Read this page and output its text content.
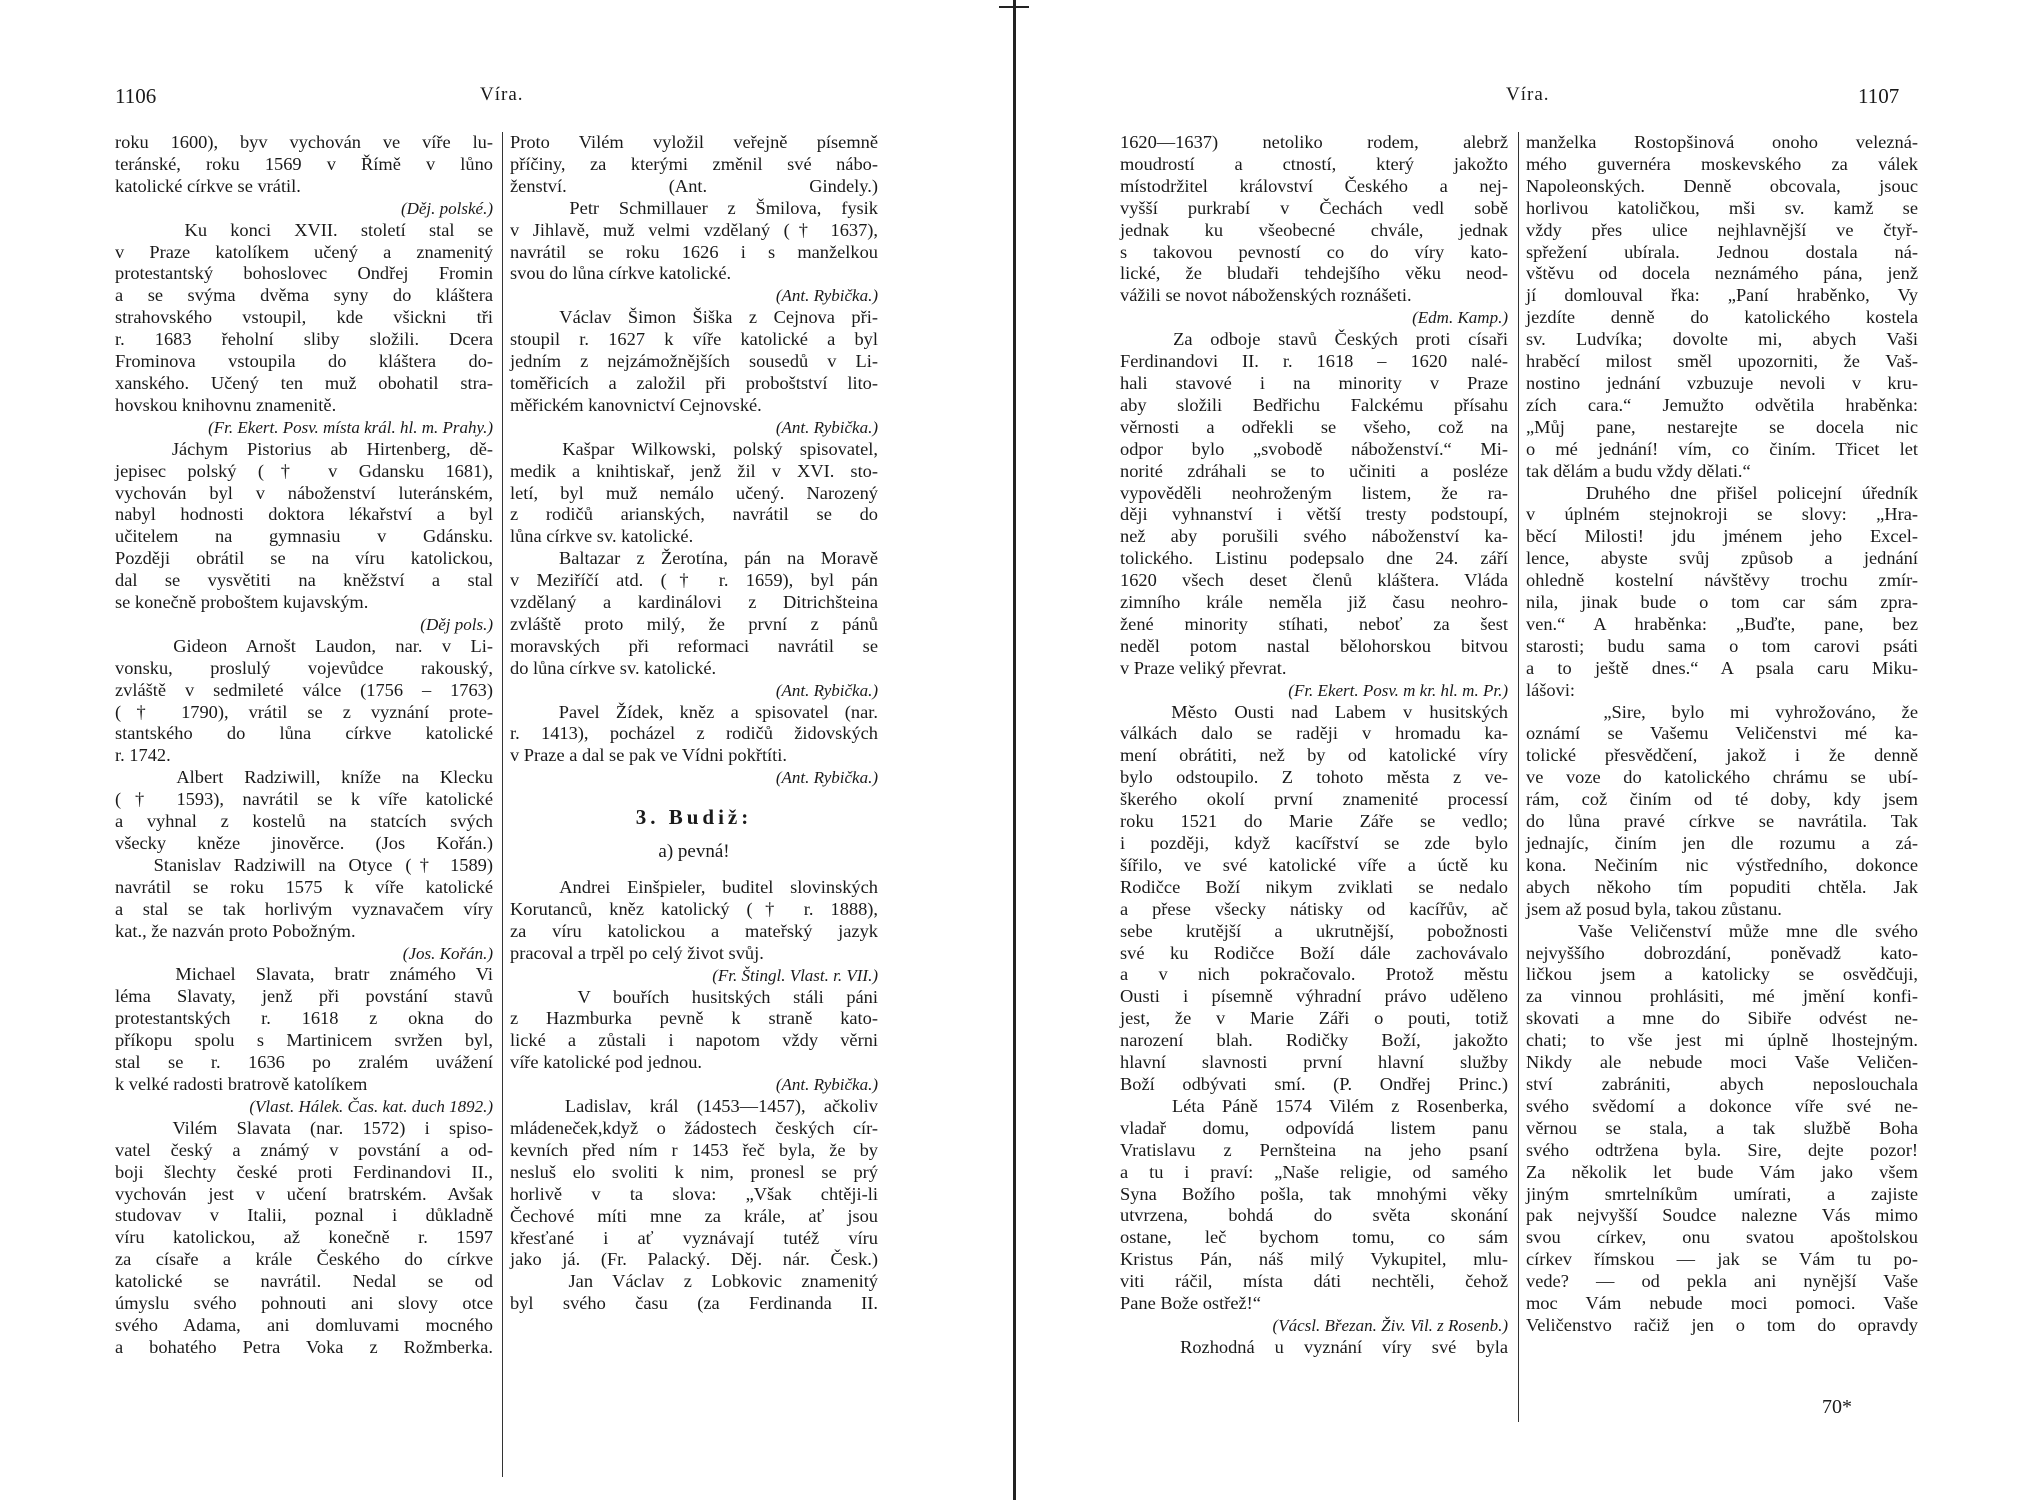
1106	Víra.
roku 1600), byv vychován ve víře lu-
teránské, roku 1569 v Římě v lůno
katolické církve se vrátil.
(Děj. polské.)
Ku konci XVII. století stal se
v Praze katolíkem učený a znamenitý
protestantský bohoslovec Ondřej Fromin
a se svýma dvěma syny do kláštera
strahovského vstoupil, kde všickni tři
r. 1683 řeholní sliby složili. Dcera
Frominova vstoupila do kláštera do-
xanského. Učený ten muž obohatil stra-
hovskou knihovnu znamenitě.
(Fr. Ekert. Posv. místa král. hl. m. Prahy.)
Jáchym Pistorius ab Hirtenberg, dě-
jepisec polský († v Gdansku 1681),
vychován byl v náboženství luteránském,
nabyl hodnosti doktora lékařství a byl
učitelem na gymnasiu v Gdánsku.
Později obrátil se na víru katolickou,
dal se vysvětiti na kněžství a stal
se konečně proboštem kujavským.
(Děj pols.)
Gideon Arnošt Laudon, nar. v Li-
vonsku, proslulý vojevůdce rakouský,
zvláště v sedmileté válce (1756 – 1763)
(† 1790), vrátil se z vyznání prote-
stantského do lůna církve katolické
r. 1742.
Albert Radziwill, kníže na Klecku
(† 1593), navrátil se k víře katolické
a vyhnal z kostelů na statcích svých
všecky kněze jinověrce. (Jos Kořán.)
Stanislav Radziwill na Otyce († 1589)
navrátil se roku 1575 k víře katolické
a stal se tak horlivým vyznavačem víry
kat., že nazván proto Pobožným.
(Jos. Kořán.)
Michael Slavata, bratr známého Vi
léma Slavaty, jenž při povstání stavů
protestantských r. 1618 z okna do
příkopu spolu s Martinicem svržen byl,
stal se r. 1636 po zralém uvážení
k velké radosti bratrově katolíkem
(Vlast. Hálek. Čas. kat. duch 1892.)
Vilém Slavata (nar. 1572) i spiso-
vatel český a známý v povstání a od-
boji šlechty české proti Ferdinandovi II.,
vychován jest v učení bratrském. Avšak
studovav v Italii, poznal i důkladně
víru katolickou, až konečně r. 1597
za císaře a krále Českého do církve
katolické se navrátil. Nedal se od
úmyslu svého pohnouti ani slovy otce
svého Adama, ani domluvami mocného
a bohatého Petra Voka z Rožmberka.
Proto Vilém vyložil veřejně písemně
příčiny, za kterými změnil své nábo-
ženství. (Ant. Gindely.)
Petr Schmillauer z Šmilova, fysik
v Jihlavě, muž velmi vzdělaný († 1637),
navrátil se roku 1626 i s manželkou
svou do lůna církve katolické.
(Ant. Rybička.)
Václav Šimon Šiška z Cejnova při-
stoupil r. 1627 k víře katolické a byl
jedním z nejzámožnějších sousedů v Li-
toměřicích a založil při proboštství lito-
měřickém kanovnictví Cejnovské.
(Ant. Rybička.)
Kašpar Wilkowski, polský spisovatel,
medik a knihtiskař, jenž žil v XVI. sto-
letí, byl muž nemálo učený. Narozený
z rodičů arianských, navrátil se do
lůna církve sv. katolické.
Baltazar z Žerotína, pán na Moravě
v Meziříčí atd. († r. 1659), byl pán
vzdělaný a kardinálovi z Ditrichšteina
zvláště proto milý, že první z pánů
moravských při reformaci navrátil se
do lůna církve sv. katolické.
(Ant. Rybička.)
Pavel Žídek, kněz a spisovatel (nar.
r. 1413), pocházel z rodičů židovských
v Praze a dal se pak ve Vídni pokřtíti.
(Ant. Rybička.)
3. Budiž:
a) pevná!
Andrei Einšpieler, buditel slovinských
Korutanců, kněz katolický († r. 1888),
za víru katolickou a mateřský jazyk
pracoval a trpěl po celý život svůj.
(Fr. Štingl. Vlast. r. VII.)
V bouřích husitských stáli páni
z Hazmburka pevně k straně kato-
lické a zůstali i napotom vždy věrni
víře katolické pod jednou.
(Ant. Rybička.)
Ladislav, král (1453—1457), ačkoliv
mládeneček,když o žádostech českých cír-
kevních před ním r 1453 řeč byla, že by
nesluš elo svoliti k nim, pronesl se prý
horlivě v ta slova: „Však chtěji-li
Čechové míti mne za krále, ať jsou
křesťané i ať vyznávají tutéž víru
jako já. (Fr. Palacký. Děj. nár. Česk.)
Jan Václav z Lobkovic znamenitý
byl svého času (za Ferdinanda II.
Víra.	1107
1620—1637) netoliko rodem, alebrž
moudrostí a ctností, který jakožto
místodržitel království Českého a nej-
vyšší purkrabí v Čechách vedl sobě
jednak ku všeobecné chvále, jednak
s takovou pevností co do víry kato-
lické, že bludaři tehdejšího věku neod-
vážili se novot náboženských roznášeti.
(Edm. Kamp.)
Za odboje stavů Českých proti císaři
Ferdinandovi II. r. 1618 – 1620 nalé-
hali stavové i na minority v Praze
aby složili Bedřichu Falckému přísahu
věrnosti a odřekli se všeho, což na
odpor bylo „svobodě náboženství.“ Mi-
norité zdráhali se to učiniti a posléze
vypověděli neohroženým listem, že ra-
ději vyhnanství i větší tresty podstoupí,
než aby porušili svého náboženství ka-
tolického. Listinu podepsalo dne 24. září
1620 všech deset členů kláštera. Vláda
zimního krále neměla již času neohro-
žené minority stíhati, neboť za šest
neděl potom nastal bělohorskou bitvou
v Praze veliký převrat.
(Fr. Ekert. Posv. m kr. hl. m. Pr.)
Město Ousti nad Labem v husitských
válkách dalo se raději v hromadu ka-
mení obrátiti, než by od katolické víry
bylo odstoupilo. Z tohoto města z ve-
škerého okolí první znamenité processí
roku 1521 do Marie Záře se vedlo;
i později, když kacířství se zde bylo
šířilo, ve své katolické víře a úctě ku
Rodičce Boží nikym zviklati se nedalo
a přese všecky nátisky od kacířův, ač
sebe krutější a ukrutnější, pobožnosti
své ku Rodičce Boží dále zachovávalo
a v nich pokračovalo. Protož městu
Ousti i písemně výhradní právo uděleno
jest, že v Marie Záři o pouti, totiž
narození blah. Rodičky Boží, jakožto
hlavní slavnosti první hlavní služby
Boží odbývati smí. (P. Ondřej Princ.)
Léta Páně 1574 Vilém z Rosenberka,
vladař domu, odpovídá listem panu
Vratislavu z Pernšteina na jeho psaní
a tu i praví: „Naše religie, od samého
Syna Božího pošla, tak mnohými věky
utvrzena, bohdá do světa skonání
ostane, leč bychom tomu, co sám
Kristus Pán, náš milý Vykupitel, mlu-
viti ráčil, místa dáti nechtěli, čehož
Pane Bože ostřež!“
(Vácsl. Březan. Živ. Vil. z Rosenb.)
Rozhodná u vyznání víry své byla
manželka Rostopšinová onoho velezná-
mého guvernéra moskevského za válek
Napoleonských. Denně obcovala, jsouc
horlivou katoličkou, mši sv. kamž se
vždy přes ulice nejhlavnější ve čtyř-
spřežení ubírala. Jednou dostala ná-
vštěvu od docela neznámého pána, jenž
jí domlouval řka: „Paní hraběnko, Vy
jezdíte denně do katolického kostela
sv. Ludvíka; dovolte mi, abych Vaši
hraběcí milost směl upozorniti, že Vaš-
nostino jednání vzbuzuje nevoli v kru-
zích cara.“ Jemužto odvětila hraběnka:
„Můj pane, nestarejte se docela nic
o mé jednání! vím, co činím. Třicet let
tak dělám a budu vždy dělati.“
Druhého dne přišel policejní úředník
v úplném stejnokroji se slovy: „Hra-
běcí Milosti! jdu jménem jeho Excel-
lence, abyste svůj způsob a jednání
ohledně kostelní návštěvy trochu zmír-
nila, jinak bude o tom car sám zpra-
ven.“ A hraběnka: „Buďte, pane, bez
starosti; budu sama o tom carovi psáti
a to ještě dnes.“ A psala caru Miku-
lášovi:
„Sire, bylo mi vyhrožováno, že
oznámí se Vašemu Veličenstvi mé ka-
tolické přesvědčení, jakož i že denně
ve voze do katolického chrámu se ubí-
rám, což činím od té doby, kdy jsem
do lůna pravé církve se navrátila. Tak
jednajíc, činím jen dle rozumu a zá-
kona. Nečiním nic výstředního, dokonce
abych někoho tím popuditi chtěla. Jak
jsem až posud byla, takou zůstanu.
Vaše Veličenství může mne dle svého
nejvyššího dobrozdání, poněvadž kato-
ličkou jsem a katolicky se osvědčuji,
za vinnou prohlásiti, mé jmění konfi-
skovati a mne do Sibiře odvést ne-
chati; to vše jest mi úplně lhostejným.
Nikdy ale nebude moci Vaše Veličen-
ství zabrániti, abych neposlouchala
svého svědomí a dokonce víře své ne-
věrnou se stala, a tak službě Boha
svého odtržena byla. Sire, dejte pozor!
Za několik let bude Vám jako všem
jiným smrtelníkům umírati, a zajiste
pak nejvyšší Soudce nalezne Vás mimo
svou církev, onu svatou apoštolskou
církev římskou — jak se Vám tu po-
vede? — od pekla ani nynější Vaše
moc Vám nebude moci pomoci. Vaše
Veličenstvo račiž jen o tom do opravdy
70*
